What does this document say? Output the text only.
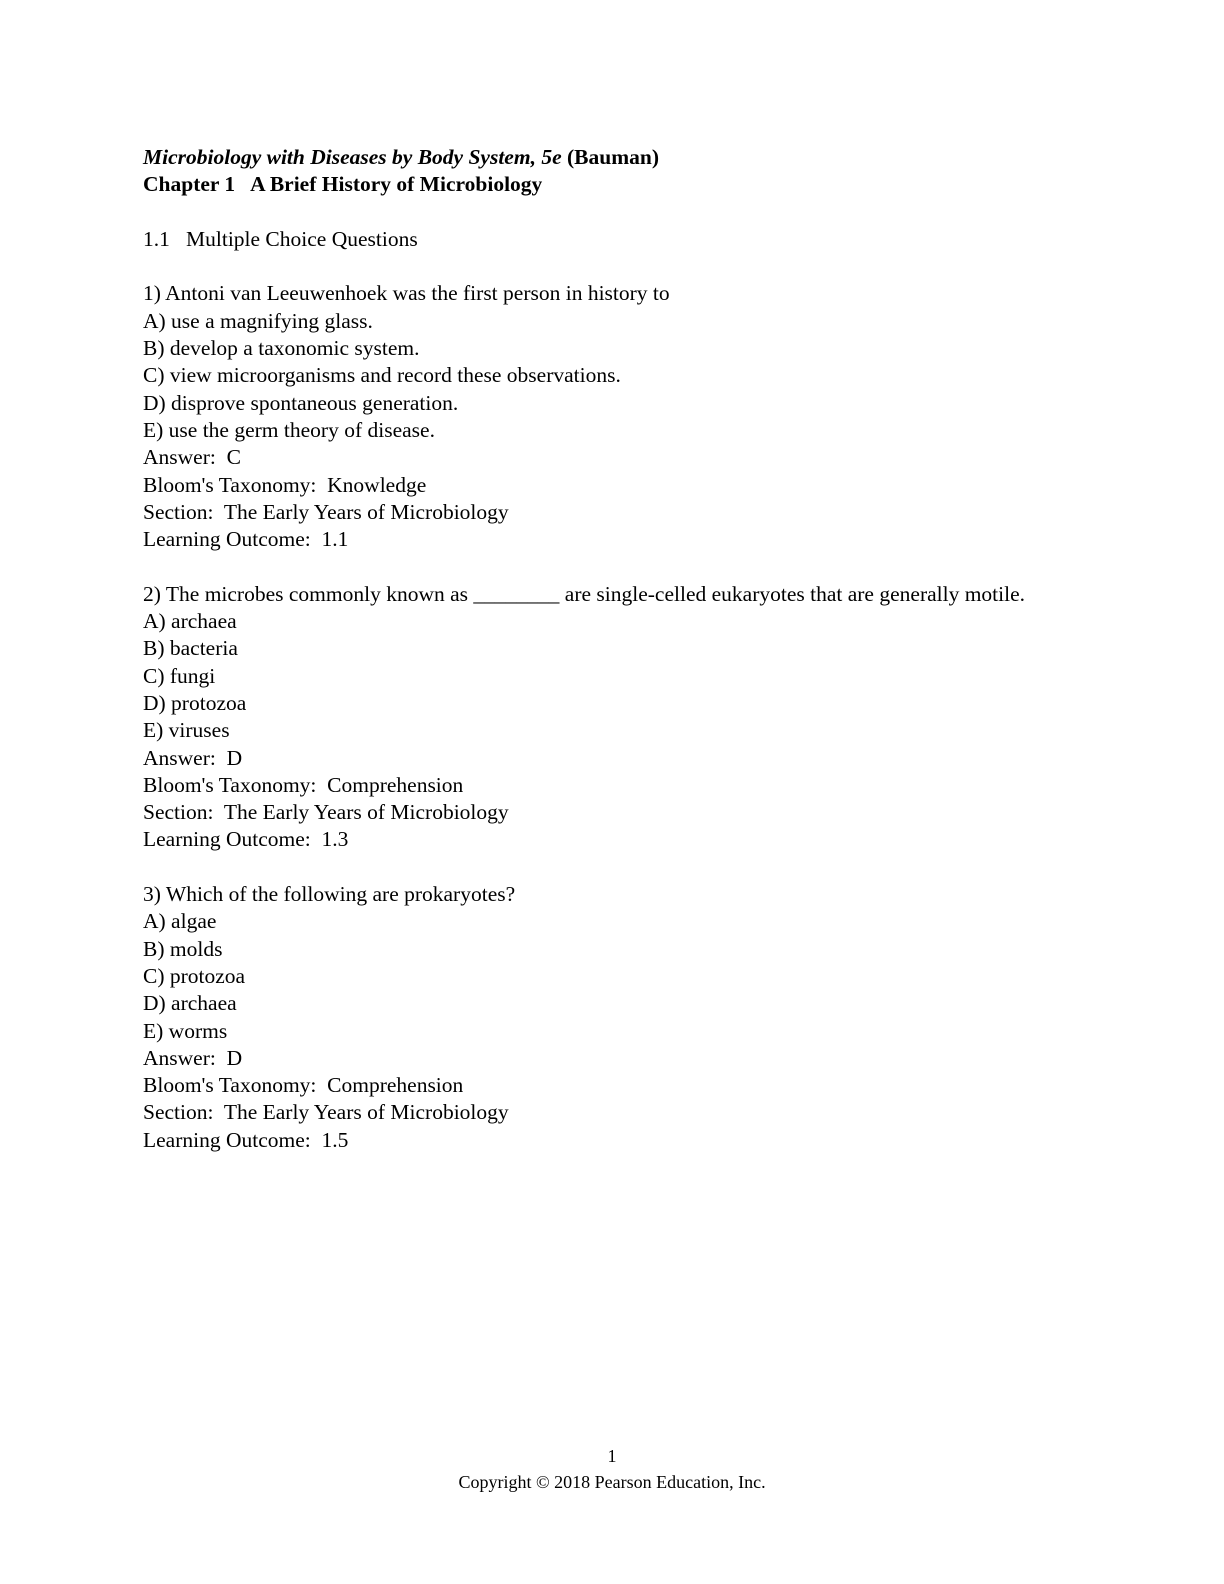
Microbiology with Diseases by Body System, 5e (Bauman)
Chapter 1   A Brief History of Microbiology
1.1   Multiple Choice Questions
1) Antoni van Leeuwenhoek was the first person in history to
A) use a magnifying glass.
B) develop a taxonomic system.
C) view microorganisms and record these observations.
D) disprove spontaneous generation.
E) use the germ theory of disease.
Answer:  C
Bloom's Taxonomy:  Knowledge
Section:  The Early Years of Microbiology
Learning Outcome:  1.1
2) The microbes commonly known as ________ are single-celled eukaryotes that are generally motile.
A) archaea
B) bacteria
C) fungi
D) protozoa
E) viruses
Answer:  D
Bloom's Taxonomy:  Comprehension
Section:  The Early Years of Microbiology
Learning Outcome:  1.3
3) Which of the following are prokaryotes?
A) algae
B) molds
C) protozoa
D) archaea
E) worms
Answer:  D
Bloom's Taxonomy:  Comprehension
Section:  The Early Years of Microbiology
Learning Outcome:  1.5
1
Copyright © 2018 Pearson Education, Inc.
